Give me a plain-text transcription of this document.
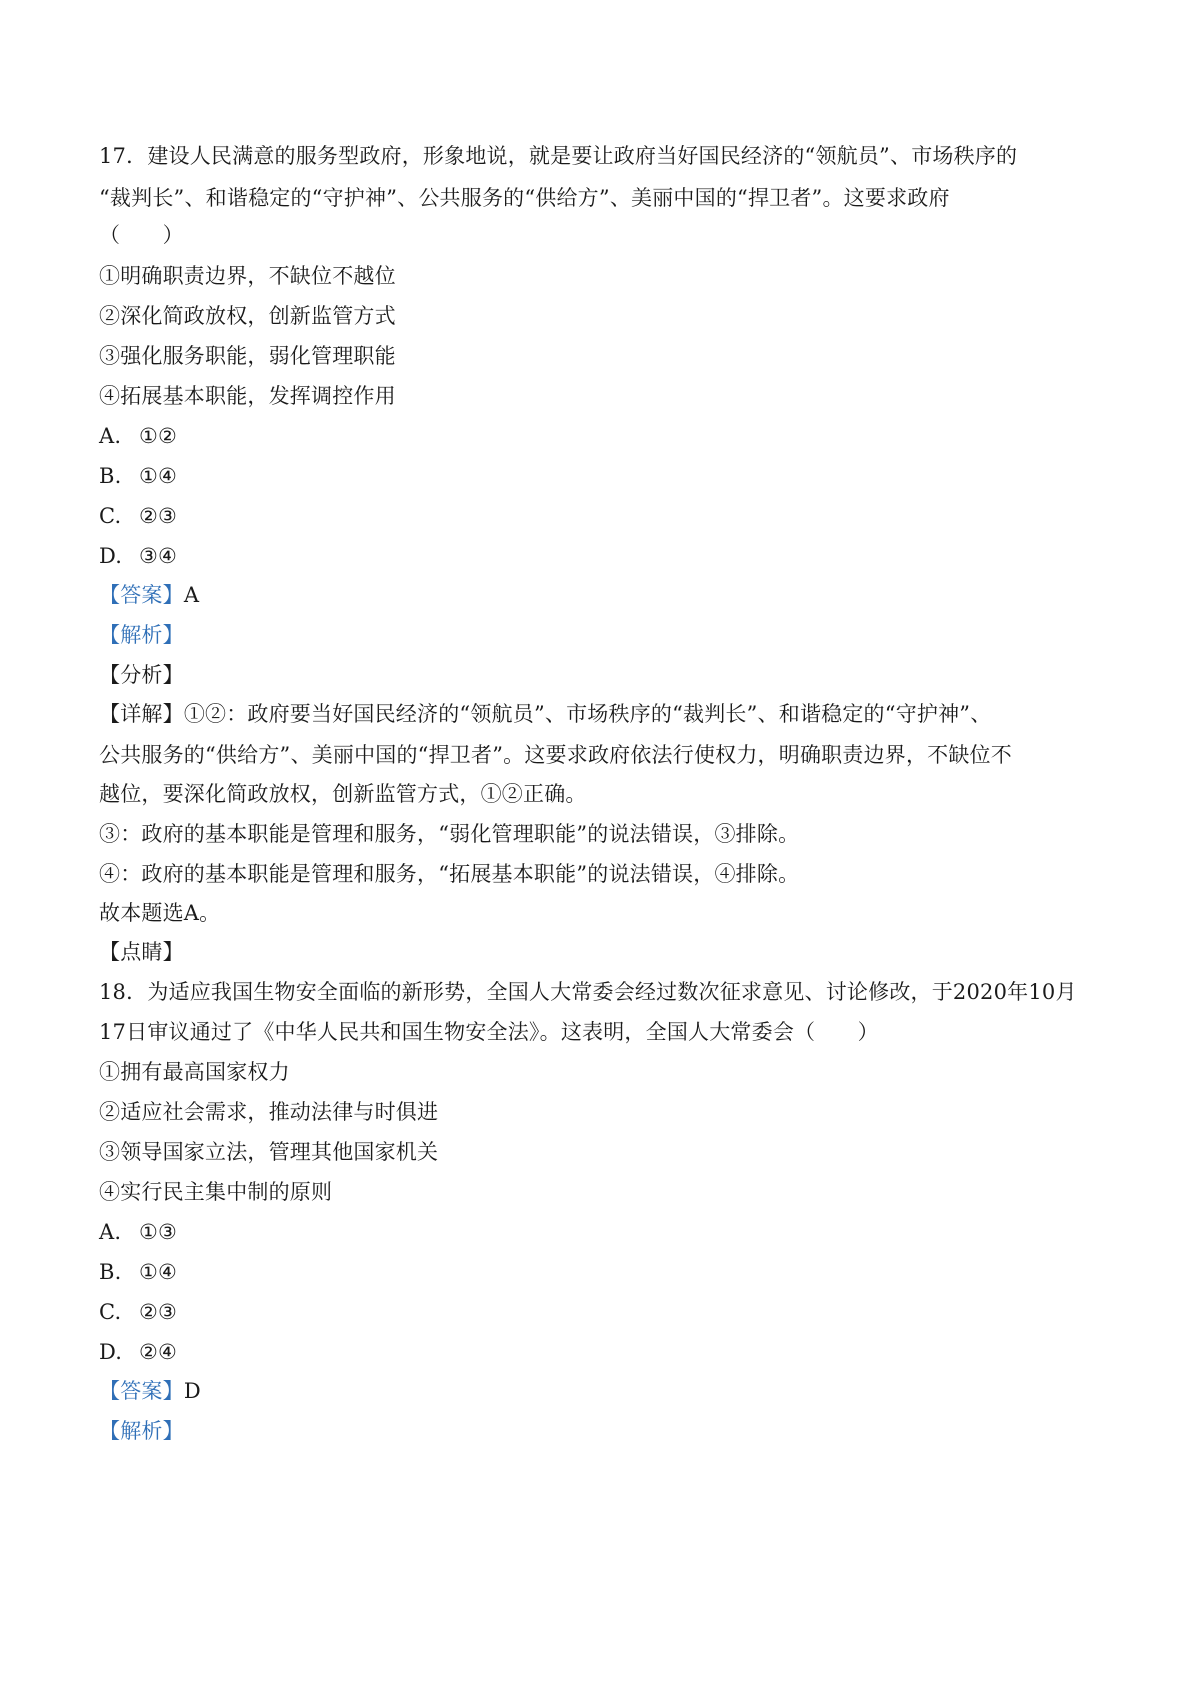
17．建设人民满意的服务型政府，形象地说，就是要让政府当好国民经济的“领航员”、市场秩序的
“裁判长”、和谐稳定的“守护神”、公共服务的“供给方”、美丽中国的“捍卫者”。这要求政府
（　　）
①明确职责边界，不缺位不越位
②深化简政放权，创新监管方式
③强化服务职能，弱化管理职能
④拓展基本职能，发挥调控作用
A. ①②
B. ①④
C. ②③
D. ③④
【答案】A
【解析】
【分析】
【详解】①②：政府要当好国民经济的“领航员”、市场秩序的“裁判长”、和谐稳定的“守护神”、
公共服务的“供给方”、美丽中国的“捍卫者”。这要求政府依法行使权力，明确职责边界，不缺位不
越位，要深化简政放权，创新监管方式，①②正确。
③：政府的基本职能是管理和服务，“弱化管理职能”的说法错误，③排除。
④：政府的基本职能是管理和服务，“拓展基本职能”的说法错误，④排除。
故本题选A。
【点睛】
18．为适应我国生物安全面临的新形势，全国人大常委会经过数次征求意见、讨论修改，于2020年10月
17日审议通过了《中华人民共和国生物安全法》。这表明，全国人大常委会（　　）
①拥有最高国家权力
②适应社会需求，推动法律与时俱进
③领导国家立法，管理其他国家机关
④实行民主集中制的原则
A. ①③
B. ①④
C. ②③
D. ②④
【答案】D
【解析】
